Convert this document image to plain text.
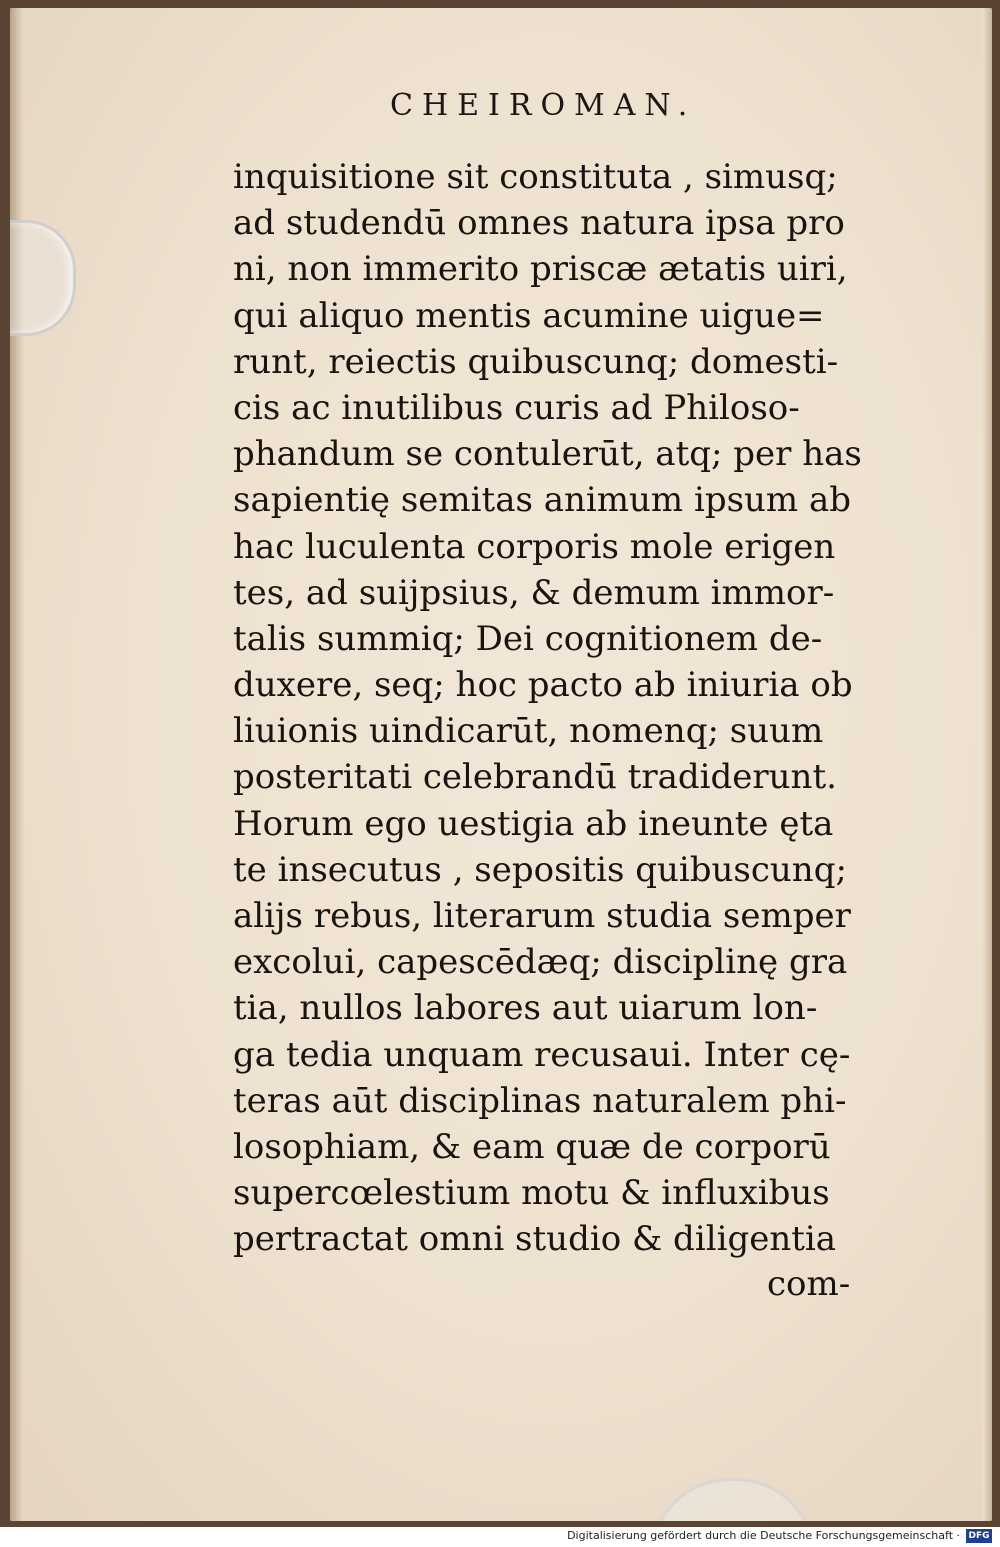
CHEIROMAN.
inquisitione sit constituta , simusq;
ad studendū omnes natura ipsa pro
ni, non immerito priscæ ætatis uiri,
qui aliquo mentis acumine uigue=
runt, reiectis quibuscunq; domesti-
cis ac inutilibus curis ad Philoso-
phandum se contulerūt, atq; per has
sapientię semitas animum ipsum ab
hac luculenta corporis mole erigen
tes, ad suijpsius, & demum immor-
talis summiq; Dei cognitionem de-
duxere, seq; hoc pacto ab iniuria ob
liuionis uindicarūt, nomenq; suum
posteritati celebrandū tradiderunt.
Horum ego uestigia ab ineunte ęta
te insecutus , sepositis quibuscunq;
alijs rebus, literarum studia semper
excolui, capescēdæq; disciplinę gra
tia, nullos labores aut uiarum lon-
ga tedia unquam recusaui. Inter cę-
teras aūt disciplinas naturalem phi-
losophiam, & eam quæ de corporū
supercœlestium motu & influxibus
pertractat omni studio & diligentia
com-
Digitalisierung gefördert durch die Deutsche Forschungsgemeinschaft · DFG
